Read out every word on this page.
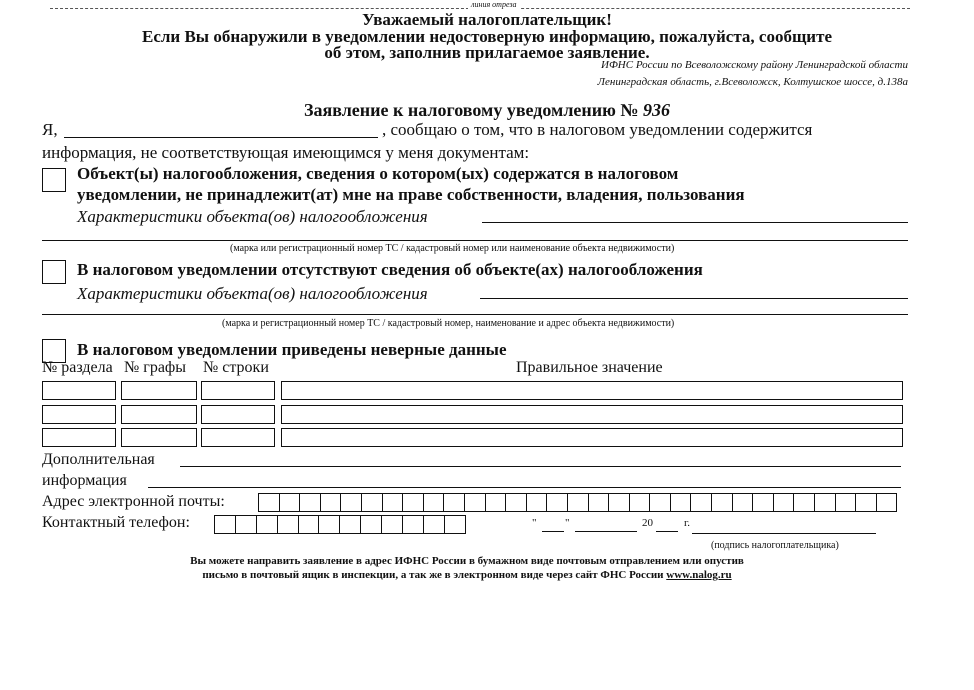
линия отреза
Уважаемый налогоплательщик!
Если Вы обнаружили в уведомлении недостоверную информацию, пожалуйста, сообщите
об этом, заполнив прилагаемое заявление.
ИФНС России по Всеволожскому району Ленинградской области
Ленинградская область, г.Всеволожск, Колтушское шоссе, д.138а
Заявление к налоговому уведомлению № 936
Я,	, сообщаю о том, что в налоговом уведомлении содержится
информация, не соответствующая имеющимся у меня документам:
Объект(ы) налогообложения, сведения о котором(ых) содержатся в налоговом
уведомлении, не принадлежит(ат) мне на праве собственности, владения, пользования
Характеристики объекта(ов) налогообложения
(марка или регистрационный номер ТС / кадастровый номер или наименование объекта недвижимости)
В налоговом уведомлении отсутствуют сведения об объекте(ах) налогообложения
Характеристики объекта(ов) налогообложения
(марка и регистрационный номер ТС / кадастровый номер, наименование и адрес объекта недвижимости)
В налоговом уведомлении приведены неверные данные
№ раздела № графы № строки	Правильное значение
Дополнительная
информация
Адрес электронной почты:
Контактный телефон:	"	"	20	г.
(подпись налогоплательщика)
Вы можете направить заявление в адрес ИФНС России в бумажном виде почтовым отправлением или опустив
письмо в почтовый ящик в инспекции, а так же в электронном виде через сайт ФНС России www.nalog.ru
